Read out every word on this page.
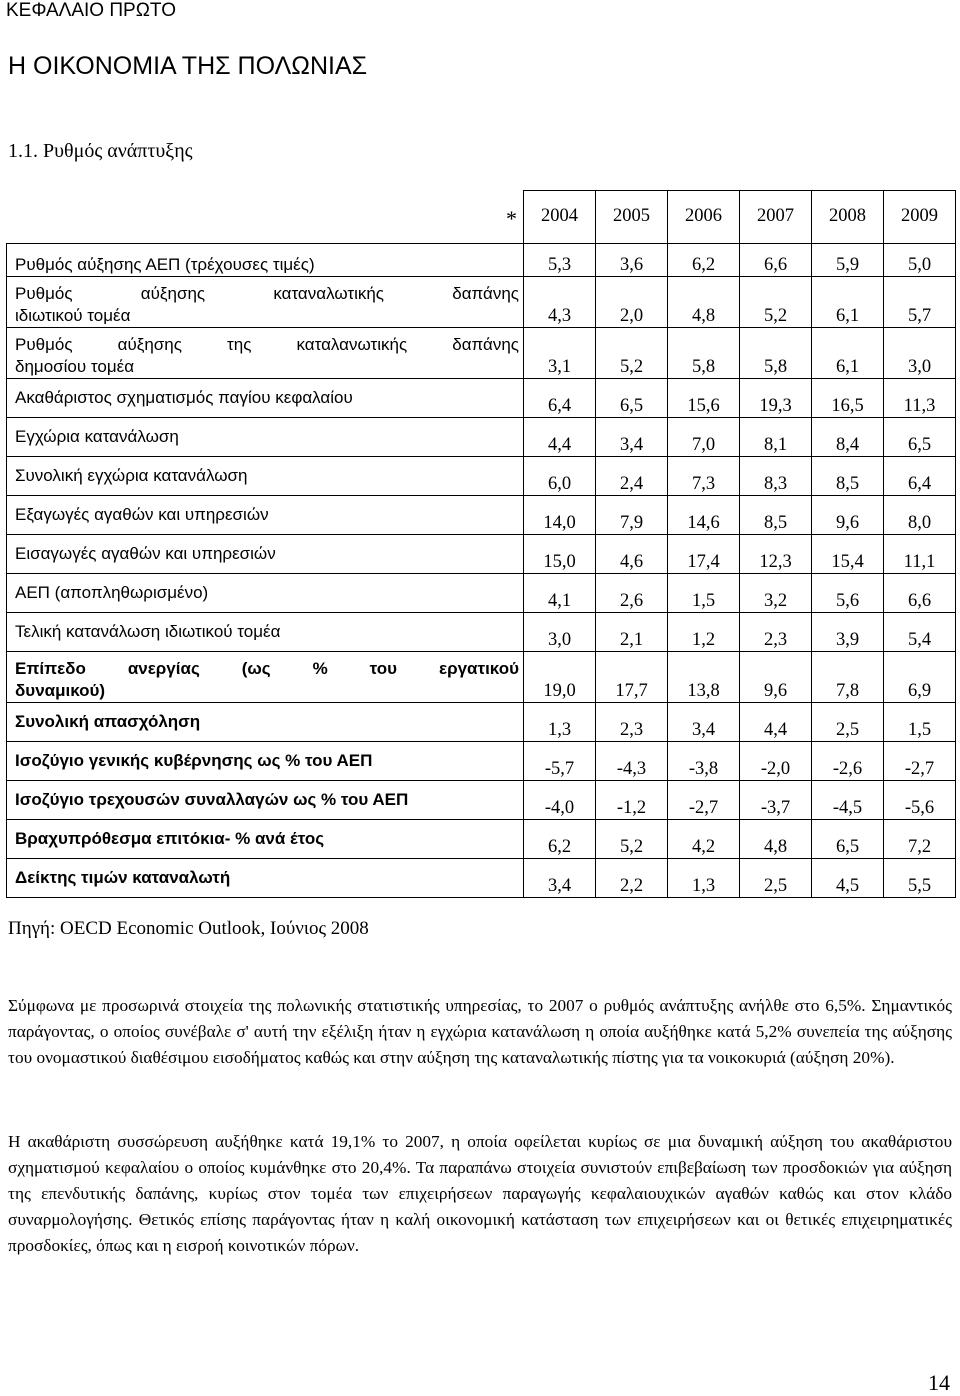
ΚΕΦΑΛΑΙΟ ΠΡΩΤΟ
Η ΟΙΚΟΝΟΜΙΑ ΤΗΣ ΠΟΛΩΝΙΑΣ
1.1. Ρυθμός ανάπτυξης
*	2004	2005	2006	2007	2008	2009
Ρυθμός αύξησης ΑΕΠ (τρέχουσες τιμές)	5,3	3,6	6,2	6,6	5,9	5,0

Ρυθμός αύξησης καταναλωτικής δαπάνης
ιδιωτικού τομέα	4,3	2,0	4,8	5,2	6,1	5,7

Ρυθμός αύξησης της καταλανωτικής δαπάνης
δημοσίου τομέα	3,1	5,2	5,8	5,8	6,1	3,0
Ακαθάριστος σχηματισμός παγίου κεφαλαίου	6,4	6,5	15,6	19,3	16,5	11,3
Εγχώρια κατανάλωση	4,4	3,4	7,0	8,1	8,4	6,5
Συνολική εγχώρια κατανάλωση	6,0	2,4	7,3	8,3	8,5	6,4
Εξαγωγές αγαθών και υπηρεσιών	14,0	7,9	14,6	8,5	9,6	8,0
Εισαγωγές αγαθών και υπηρεσιών	15,0	4,6	17,4	12,3	15,4	11,1
ΑΕΠ (αποπληθωρισμένο)	4,1	2,6	1,5	3,2	5,6	6,6
Τελική κατανάλωση ιδιωτικού τομέα	3,0	2,1	1,2	2,3	3,9	5,4

Επίπεδο ανεργίας (ως % του εργατικού
δυναμικού)	19,0	17,7	13,8	9,6	7,8	6,9
Συνολική απασχόληση	1,3	2,3	3,4	4,4	2,5	1,5
Ισοζύγιο γενικής κυβέρνησης ως % του ΑΕΠ	-5,7	-4,3	-3,8	-2,0	-2,6	-2,7
Ισοζύγιο τρεχουσών συναλλαγών ως % του ΑΕΠ	-4,0	-1,2	-2,7	-3,7	-4,5	-5,6
Βραχυπρόθεσμα επιτόκια- % ανά έτος	6,2	5,2	4,2	4,8	6,5	7,2
Δείκτης τιμών καταναλωτή	3,4	2,2	1,3	2,5	4,5	5,5
Πηγή: OECD Economic Outlook, Ιούνιος 2008

Σύμφωνα με προσωρινά στοιχεία της πολωνικής στατιστικής υπηρεσίας, το 2007 ο ρυθμός ανάπτυξης ανήλθε στο 6,5%. Σημαντικός παράγοντας, ο οποίος συνέβαλε σ' αυτή την εξέλιξη ήταν η εγχώρια κατανάλωση η οποία αυξήθηκε κατά 5,2% συνεπεία της αύξησης του ονομαστικού διαθέσιμου εισοδήματος καθώς και στην αύξηση της καταναλωτικής πίστης για τα νοικοκυριά (αύξηση 20%).

Η ακαθάριστη συσσώρευση αυξήθηκε κατά 19,1% το 2007, η οποία οφείλεται κυρίως σε μια δυναμική αύξηση του ακαθάριστου σχηματισμού κεφαλαίου ο οποίος κυμάνθηκε στο 20,4%. Τα παραπάνω στοιχεία συνιστούν επιβεβαίωση των προσδοκιών για αύξηση της επενδυτικής δαπάνης, κυρίως στον τομέα των επιχειρήσεων παραγωγής κεφαλαιουχικών αγαθών καθώς και στον κλάδο συναρμολογήσης. Θετικός επίσης παράγοντας ήταν η καλή οικονομική κατάσταση των επιχειρήσεων και οι θετικές επιχειρηματικές προσδοκίες, όπως και η εισροή κοινοτικών πόρων.

14
